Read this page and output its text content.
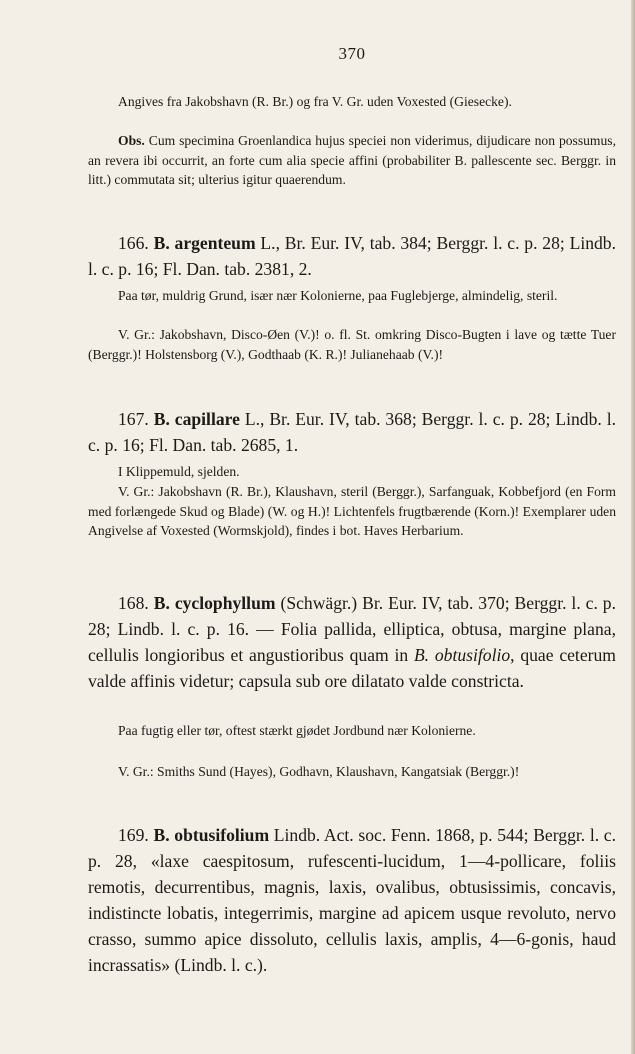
370

Angives fra Jakobshavn (R. Br.) og fra V. Gr. uden Voxested (Giesecke).

Obs. Cum specimina Groenlandica hujus speciei non viderimus, dijudicare non possumus, an revera ibi occurrit, an forte cum alia specie affini (probabiliter B. pallescente sec. Berggr. in litt.) commutata sit; ulterius igitur quaerendum.

166. B. argenteum L., Br. Eur. IV, tab. 384; Berggr. l. c. p. 28; Lindb. l. c. p. 16; Fl. Dan. tab. 2381, 2.

Paa tør, muldrig Grund, især nær Kolonierne, paa Fuglebjerge, almindelig, steril.

V. Gr.: Jakobshavn, Disco-Øen (V.)! o. fl. St. omkring Disco-Bugten i lave og tætte Tuer (Berggr.)! Holstensborg (V.), Godthaab (K. R.)! Julianehaab (V.)!

167. B. capillare L., Br. Eur. IV, tab. 368; Berggr. l. c. p. 28; Lindb. l. c. p. 16; Fl. Dan. tab. 2685, 1.

I Klippemuld, sjelden.

V. Gr.: Jakobshavn (R. Br.), Klaushavn, steril (Berggr.), Sarfanguak, Kobbefjord (en Form med forlængede Skud og Blade) (W. og H.)! Lichtenfels frugtbærende (Korn.)! Exemplarer uden Angivelse af Voxested (Wormskjold), findes i bot. Haves Herbarium.

168. B. cyclophyllum (Schwägr.) Br. Eur. IV, tab. 370; Berggr. l. c. p. 28; Lindb. l. c. p. 16. — Folia pallida, elliptica, obtusa, margine plana, cellulis longioribus et angustioribus quam in B. obtusifolio, quae ceterum valde affinis videtur; capsula sub ore dilatato valde constricta.

Paa fugtig eller tør, oftest stærkt gjødet Jordbund nær Kolonierne.

V. Gr.: Smiths Sund (Hayes), Godhavn, Klaushavn, Kangatsiak (Berggr.)!

169. B. obtusifolium Lindb. Act. soc. Fenn. 1868, p. 544; Berggr. l. c. p. 28, «laxe caespitosum, rufescenti-lucidum, 1—4-pollicare, foliis remotis, decurrentibus, magnis, laxis, ovalibus, obtusissimis, concavis, indistincte lobatis, integerrimis, margine ad apicem usque revoluto, nervo crasso, summo apice dissoluto, cellulis laxis, amplis, 4—6-gonis, haud incrassatis» (Lindb. l. c.).
